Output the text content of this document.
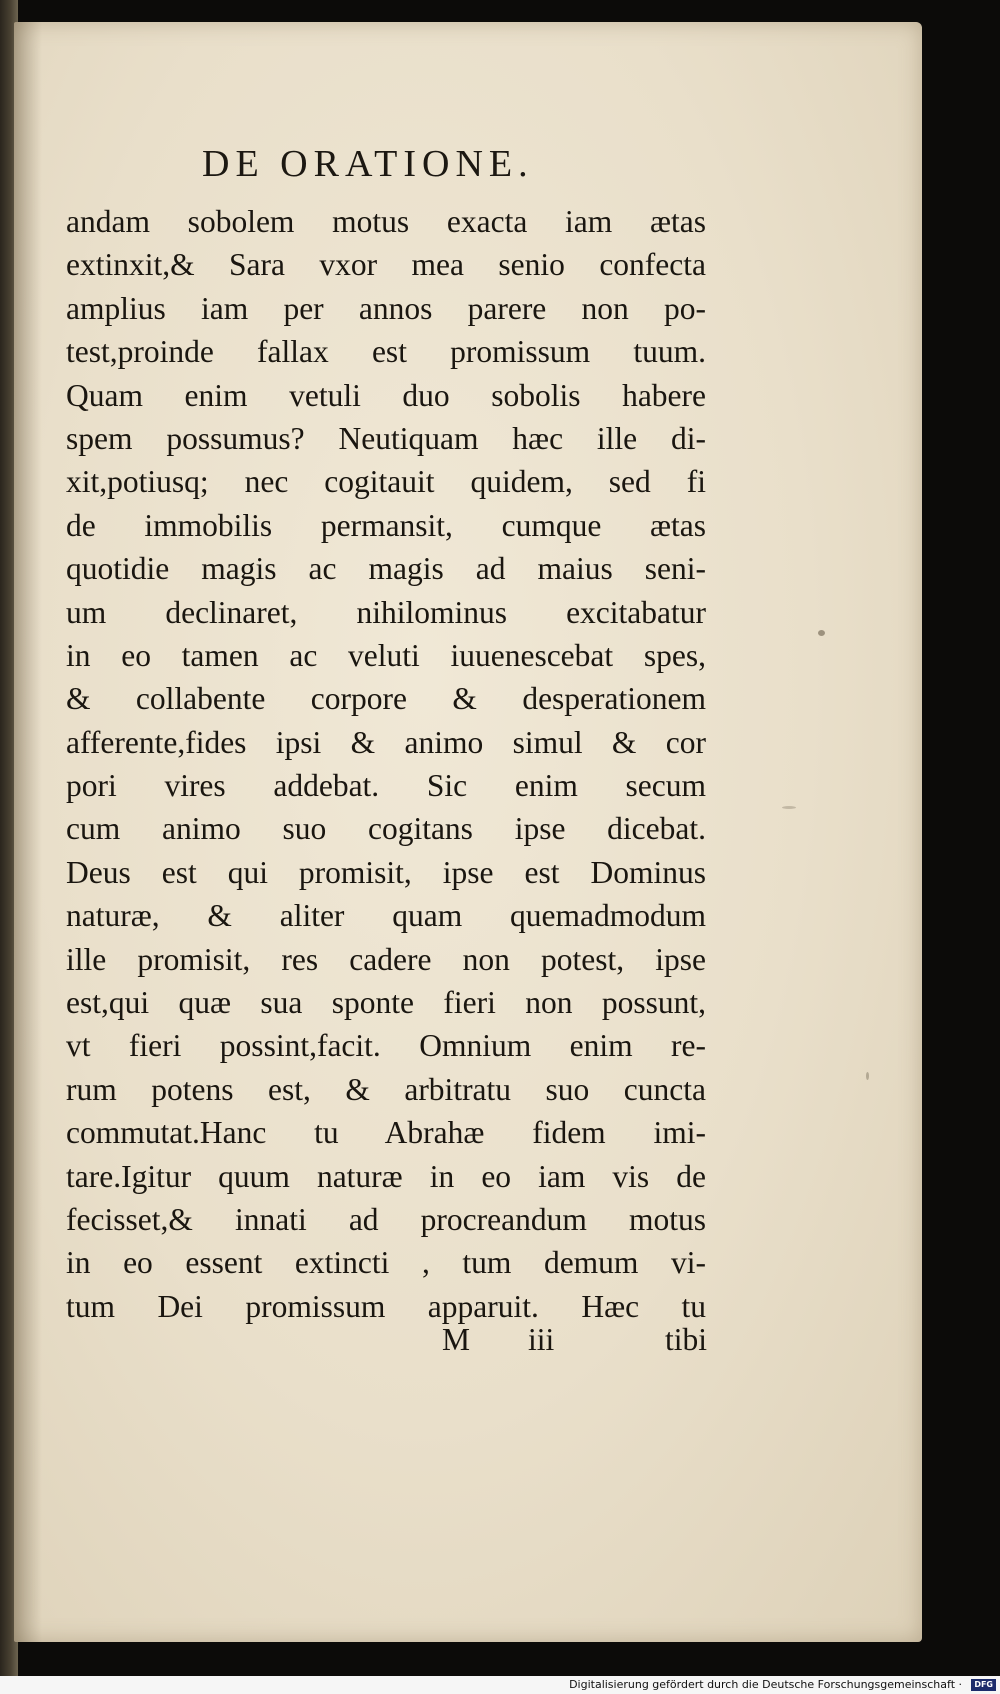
DE ORATIONE.
andam sobolem motus exacta iam ætas
extinxit,& Sara vxor mea senio confecta
amplius iam per annos parere non po-
test,proinde fallax est promissum tuum.
Quam enim vetuli duo sobolis habere
spem possumus? Neutiquam hæc ille di-
xit,potiusq; nec cogitauit quidem, sed fi
de immobilis permansit, cumque ætas
quotidie magis ac magis ad maius seni-
um declinaret, nihilominus excitabatur
in eo tamen ac veluti iuuenescebat spes,
& collabente corpore & desperationem
afferente,fides ipsi & animo simul & cor
pori vires addebat. Sic enim secum
cum animo suo cogitans ipse dicebat.
Deus est qui promisit, ipse est Dominus
naturæ, & aliter quam quemadmodum
ille promisit, res cadere non potest, ipse
est,qui quæ sua sponte fieri non possunt,
vt fieri possint,facit. Omnium enim re-
rum potens est, & arbitratu suo cuncta
commutat.Hanc tu Abrahæ fidem imi-
tare.Igitur quum naturæ in eo iam vis de
fecisset,& innati ad procreandum motus
in eo essent extincti , tum demum vi-
tum Dei promissum apparuit. Hæc tu
M iii	tibi
Digitalisierung gefördert durch die Deutsche Forschungsgemeinschaft ·	DFG
